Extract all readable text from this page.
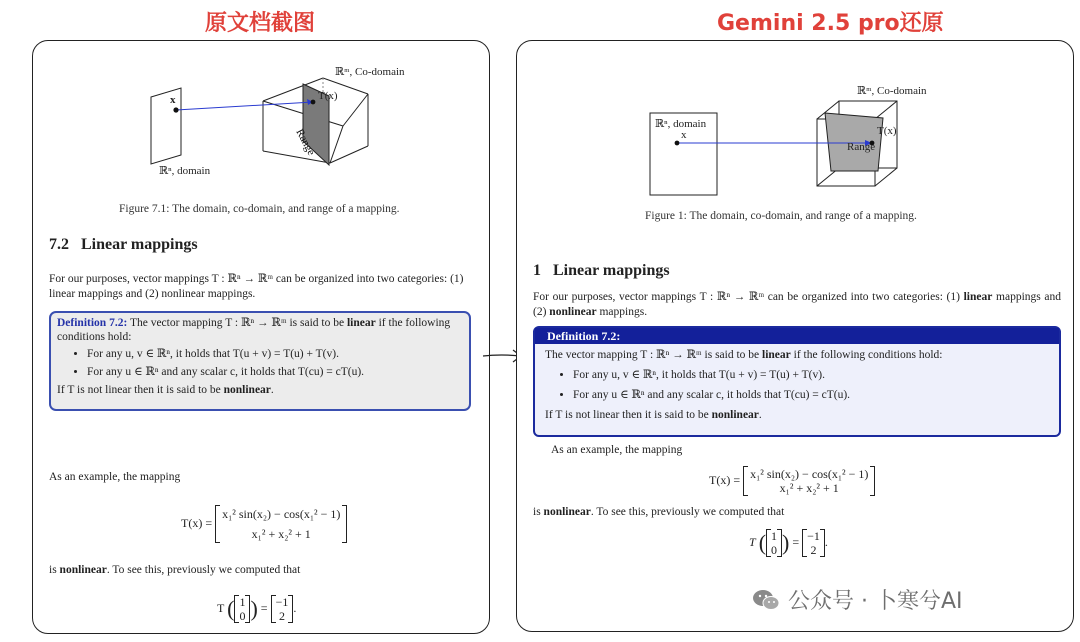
原文档截图	Gemini 2.5 pro还原
x
ℝᵐ, Co-domain
ℝⁿ, domain
T(x)
Range
Figure 7.1: The domain, co-domain, and range of a mapping.
7.2 Linear mappings
For our purposes, vector mappings T : ℝⁿ → ℝᵐ can be organized into two categories: (1) linear mappings and (2) nonlinear mappings.
Definition 7.2: The vector mapping T : ℝⁿ → ℝᵐ is said to be linear if the following conditions hold:
• For any u, v ∈ ℝⁿ, it holds that T(u + v) = T(u) + T(v).
• For any u ∈ ℝⁿ and any scalar c, it holds that T(cu) = cT(u).
If T is not linear then it is said to be nonlinear.
As an example, the mapping
T(x) =
x₁² sin(x₂) − cos(x₁² − 1)
x₁² + x₂² + 1
is nonlinear. To see this, previously we computed that
T ( 1
0 ) = −1
2
.
ℝⁿ, domain
x
ℝᵐ, Co-domain
T(x)
Range
Figure 1: The domain, co-domain, and range of a mapping.
1 Linear mappings
For our purposes, vector mappings T : ℝⁿ → ℝᵐ can be organized into two categories: (1) linear mappings and (2) nonlinear mappings.
Definition 7.2:
The vector mapping T : ℝⁿ → ℝᵐ is said to be linear if the following conditions hold:
• For any u, v ∈ ℝⁿ, it holds that T(u + v) = T(u) + T(v).
• For any u ∈ ℝⁿ and any scalar c, it holds that T(cu) = cT(u).
If T is not linear then it is said to be nonlinear.
As an example, the mapping
T(x) = x₁² sin(x₂) − cos(x₁² − 1)
x₁² + x₂² + 1
is nonlinear. To see this, previously we computed that
T ( 1
0 ) = −1
2
.
公众号 · 卜寒兮AI
